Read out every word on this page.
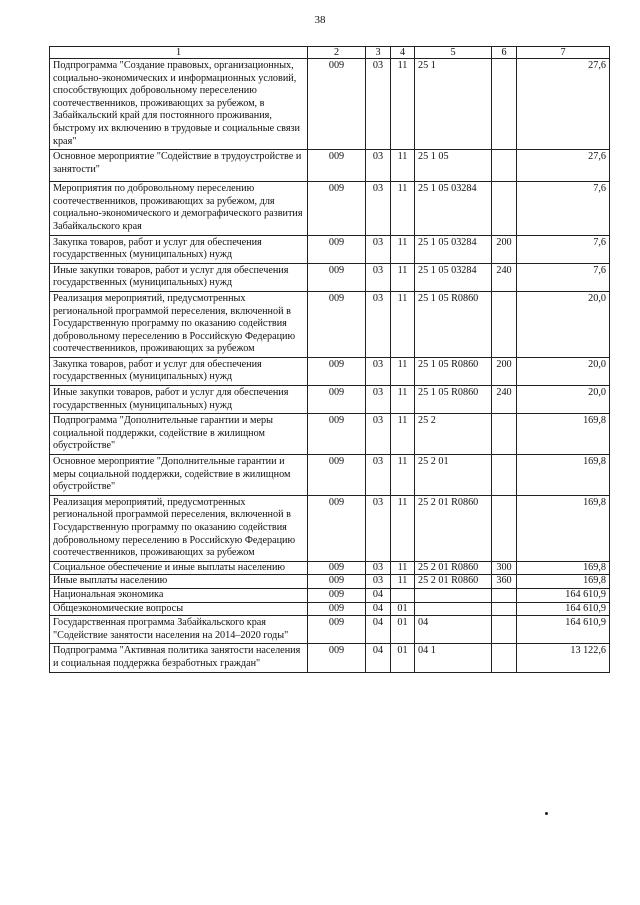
38
1	2	3	4	5	6	7
Подпрограмма "Создание правовых, организационных, социально-экономических и информационных условий, способствующих добровольному переселению соотечественников, проживающих за рубежом, в Забайкальский край для постоянного проживания, быстрому их включению в трудовые и социальные связи края"	009	03	11	25 1		27,6
Основное мероприятие "Содействие в трудоустройстве и занятости"	009	03	11	25 1 05		27,6
Мероприятия по добровольному переселению соотечественников, проживающих за рубежом, для социально-экономического и демографического развития Забайкальского края	009	03	11	25 1 05 03284		7,6
Закупка товаров, работ и услуг для обеспечения государственных (муниципальных) нужд	009	03	11	25 1 05 03284	200	7,6
Иные закупки товаров, работ и услуг для обеспечения государственных (муниципальных) нужд	009	03	11	25 1 05 03284	240	7,6
Реализация мероприятий, предусмотренных региональной программой переселения, включенной в Государственную программу по оказанию содействия добровольному переселению в Российскую Федерацию соотечественников, проживающих за рубежом	009	03	11	25 1 05 R0860		20,0
Закупка товаров, работ и услуг для обеспечения государственных (муниципальных) нужд	009	03	11	25 1 05 R0860	200	20,0
Иные закупки товаров, работ и услуг для обеспечения государственных (муниципальных) нужд	009	03	11	25 1 05 R0860	240	20,0
Подпрограмма "Дополнительные гарантии и меры социальной поддержки, содействие в жилищном обустройстве"	009	03	11	25 2		169,8
Основное мероприятие "Дополнительные гарантии и меры социальной поддержки, содействие в жилищном обустройстве"	009	03	11	25 2 01		169,8
Реализация мероприятий, предусмотренных региональной программой переселения, включенной в Государственную программу по оказанию содействия добровольному переселению в Российскую Федерацию соотечественников, проживающих за рубежом	009	03	11	25 2 01 R0860		169,8
Социальное обеспечение и иные выплаты населению	009	03	11	25 2 01 R0860	300	169,8
Иные выплаты населению	009	03	11	25 2 01 R0860	360	169,8
Национальная экономика	009	04				164 610,9
Общеэкономические вопросы	009	04	01			164 610,9
Государственная программа Забайкальского края "Содействие занятости населения на 2014–2020 годы"	009	04	01	04		164 610,9
Подпрограмма "Активная политика занятости населения и социальная поддержка безработных граждан"	009	04	01	04 1		13 122,6
